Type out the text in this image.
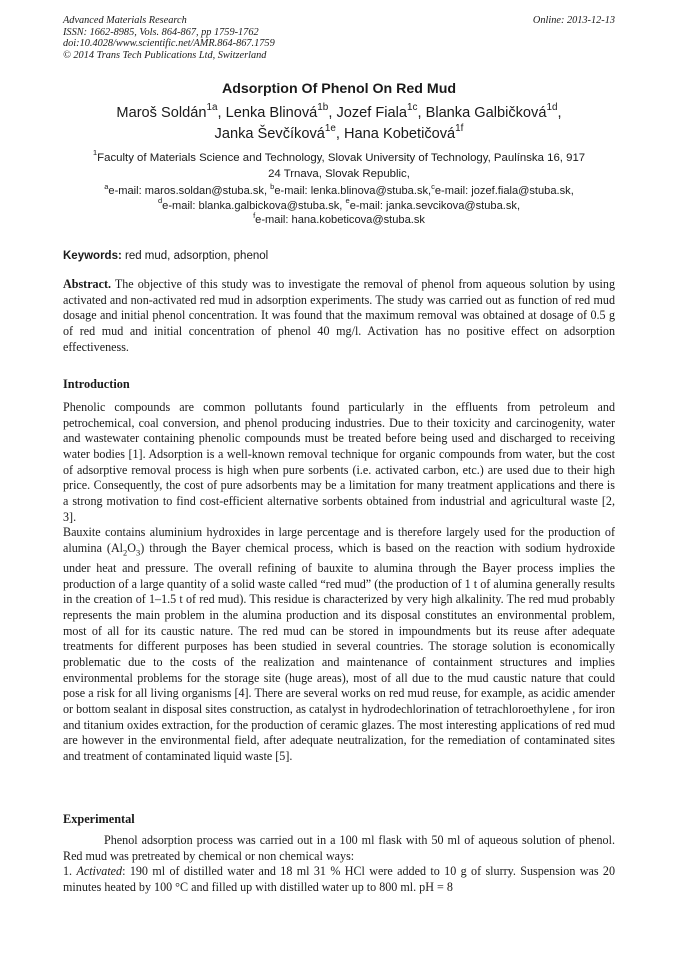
Advanced Materials Research
ISSN: 1662-8985, Vols. 864-867, pp 1759-1762
doi:10.4028/www.scientific.net/AMR.864-867.1759
© 2014 Trans Tech Publications Ltd, Switzerland
Online: 2013-12-13
Adsorption Of Phenol On Red Mud
Maroš Soldán$^{1a}$, Lenka Blinová$^{1b}$, Jozef Fiala$^{1c}$, Blanka Galbičková$^{1d}$,
Janka Ševčíková$^{1e}$, Hana Kobetičová$^{1f}$
$^1$Faculty of Materials Science and Technology, Slovak University of Technology, Paulínska 16, 917
24 Trnava, Slovak Republic,
$^a$e-mail: maros.soldan@stuba.sk, $^b$e-mail: lenka.blinova@stuba.sk,$^c$e-mail: jozef.fiala@stuba.sk,
$^d$e-mail: blanka.galbickova@stuba.sk, $^e$e-mail: janka.sevcikova@stuba.sk,
$^f$e-mail: hana.kobeticova@stuba.sk
Keywords: red mud, adsorption, phenol
Abstract. The objective of this study was to investigate the removal of phenol from aqueous solution by using activated and non-activated red mud in adsorption experiments. The study was carried out as function of red mud dosage and initial phenol concentration. It was found that the maximum removal was obtained at dosage of 0.5 g of red mud and initial concentration of phenol 40 mg/l. Activation has no positive effect on adsorption effectiveness.
Introduction
Phenolic compounds are common pollutants found particularly in the effluents from petroleum and petrochemical, coal conversion, and phenol producing industries. Due to their toxicity and carcinogenity, water and wastewater containing phenolic compounds must be treated before being used and discharged to receiving water bodies [1]. Adsorption is a well-known removal technique for organic compounds from water, but the cost of adsorptive removal process is high when pure sorbents (i.e. activated carbon, etc.) are used due to their high price. Consequently, the cost of pure adsorbents may be a limitation for many treatment applications and there is a strong motivation to find cost-efficient alternative sorbents obtained from industrial and agricultural waste [2, 3].
Bauxite contains aluminium hydroxides in large percentage and is therefore largely used for the production of alumina $(Al_2O_3)$ through the Bayer chemical process, which is based on the reaction with sodium hydroxide under heat and pressure. The overall refining of bauxite to alumina through the Bayer process implies the production of a large quantity of a solid waste called “red mud” (the production of 1 t of alumina generally results in the creation of 1–1.5 t of red mud). This residue is characterized by very high alkalinity. The red mud probably represents the main problem in the alumina production and its disposal constitutes an environmental problem, most of all for its caustic nature. The red mud can be stored in impoundments but its reuse after adequate treatments for different purposes has been studied in several countries. The storage solution is economically problematic due to the costs of the realization and maintenance of containment structures and implies environmental problems for the storage site (huge areas), most of all due to the mud caustic nature that could pose a risk for all living organisms [4]. There are several works on red mud reuse, for example, as acidic amender or bottom sealant in disposal sites construction, as catalyst in hydrodechlorination of tetrachloroethylene , for iron and titanium oxides extraction, for the production of ceramic glazes. The most interesting applications of red mud are however in the environmental field, after adequate neutralization, for the remediation of contaminated sites and treatment of contaminated liquid waste [5].
Experimental
Phenol adsorption process was carried out in a 100 ml flask with 50 ml of aqueous solution of phenol. Red mud was pretreated by chemical or non chemical ways:
1. Activated: 190 ml of distilled water and 18 ml 31 % HCl were added to 10 g of slurry. Suspension was 20 minutes heated by 100 °C and filled up with distilled water up to 800 ml. pH = 8
